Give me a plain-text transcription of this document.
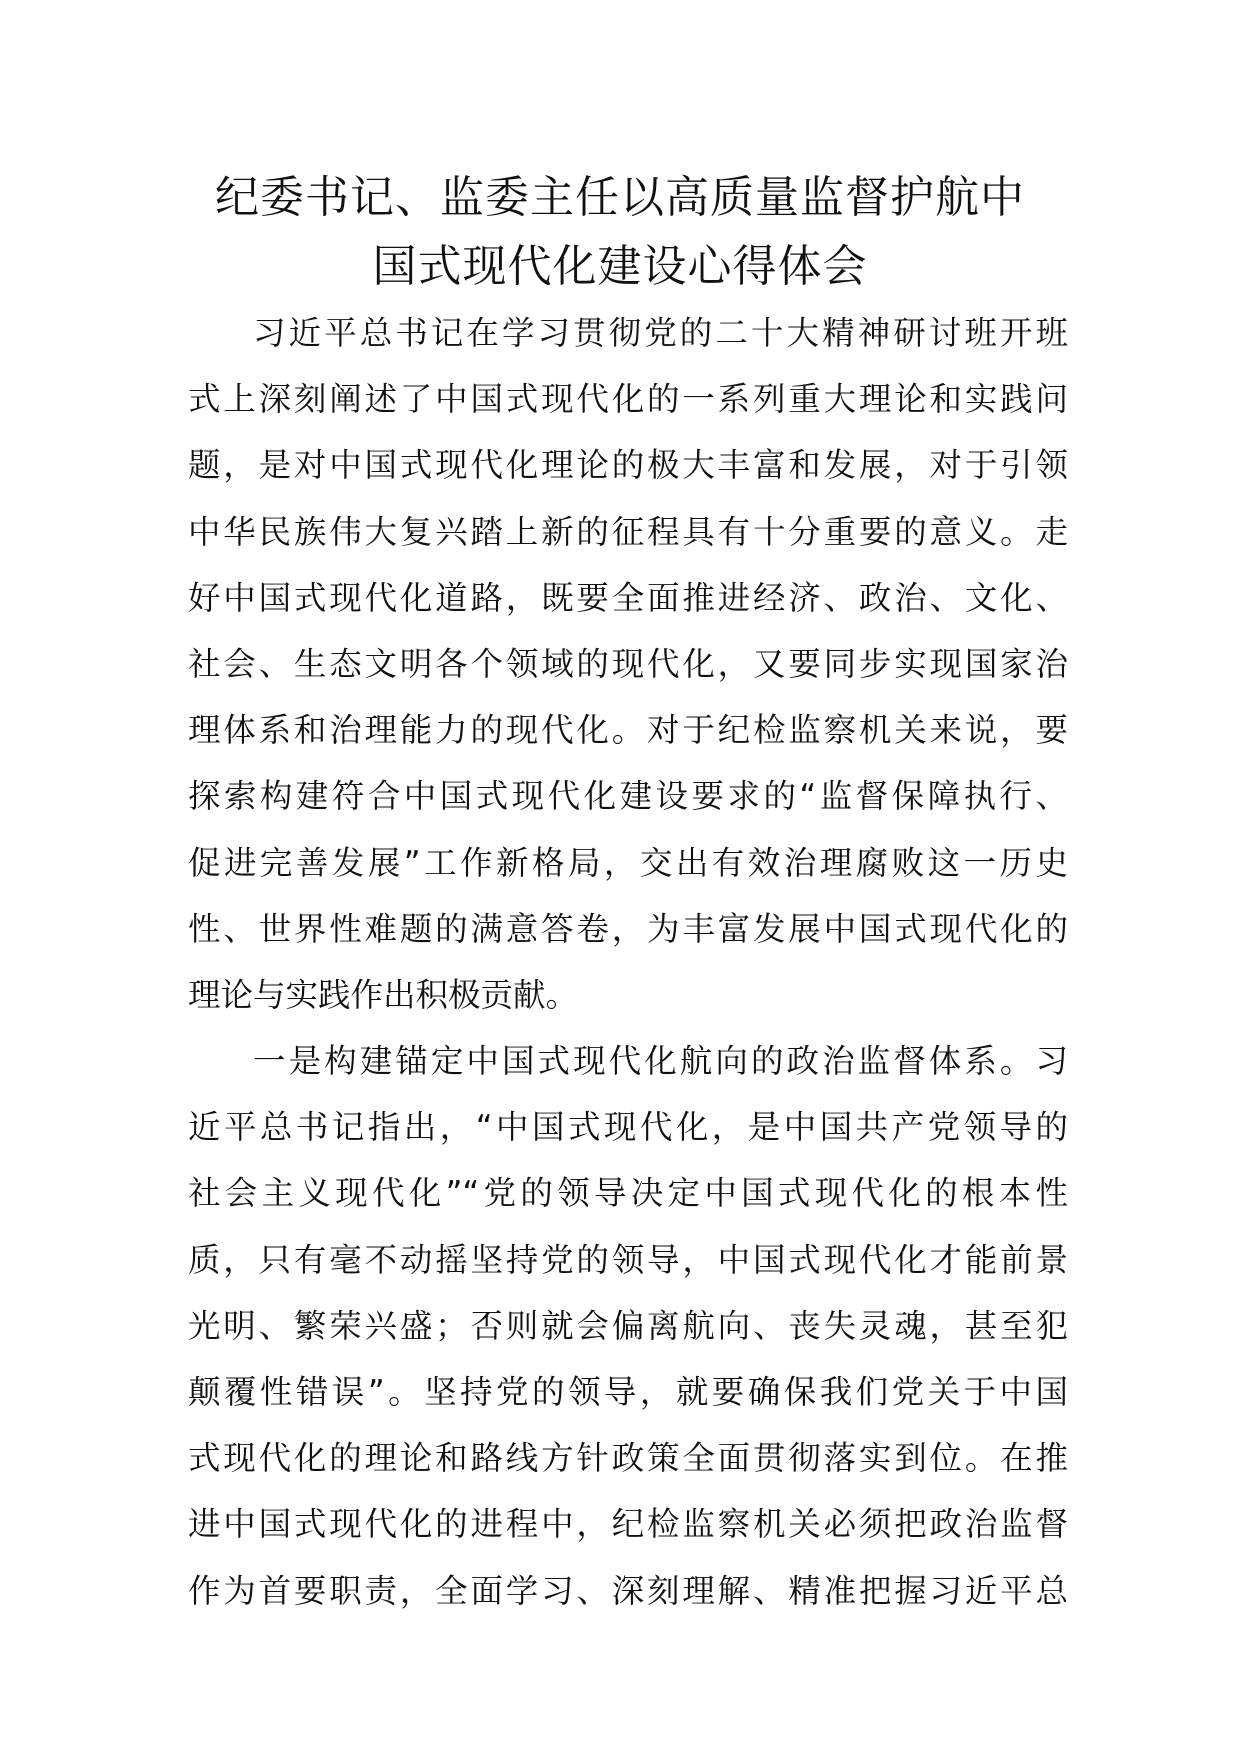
纪委书记、监委主任以高质量监督护航中
国式现代化建设心得体会
习近平总书记在学习贯彻党的二十大精神研讨班开班
式上深刻阐述了中国式现代化的一系列重大理论和实践问
题，是对中国式现代化理论的极大丰富和发展，对于引领
中华民族伟大复兴踏上新的征程具有十分重要的意义。走
好中国式现代化道路，既要全面推进经济、政治、文化、
社会、生态文明各个领域的现代化，又要同步实现国家治
理体系和治理能力的现代化。对于纪检监察机关来说，要
探索构建符合中国式现代化建设要求的“监督保障执行、
促进完善发展”工作新格局，交出有效治理腐败这一历史
性、世界性难题的满意答卷，为丰富发展中国式现代化的
理论与实践作出积极贡献。
一是构建锚定中国式现代化航向的政治监督体系。习
近平总书记指出，“中国式现代化，是中国共产党领导的
社会主义现代化”“党的领导决定中国式现代化的根本性
质，只有毫不动摇坚持党的领导，中国式现代化才能前景
光明、繁荣兴盛；否则就会偏离航向、丧失灵魂，甚至犯
颠覆性错误”。坚持党的领导，就要确保我们党关于中国
式现代化的理论和路线方针政策全面贯彻落实到位。在推
进中国式现代化的进程中，纪检监察机关必须把政治监督
作为首要职责，全面学习、深刻理解、精准把握习近平总
